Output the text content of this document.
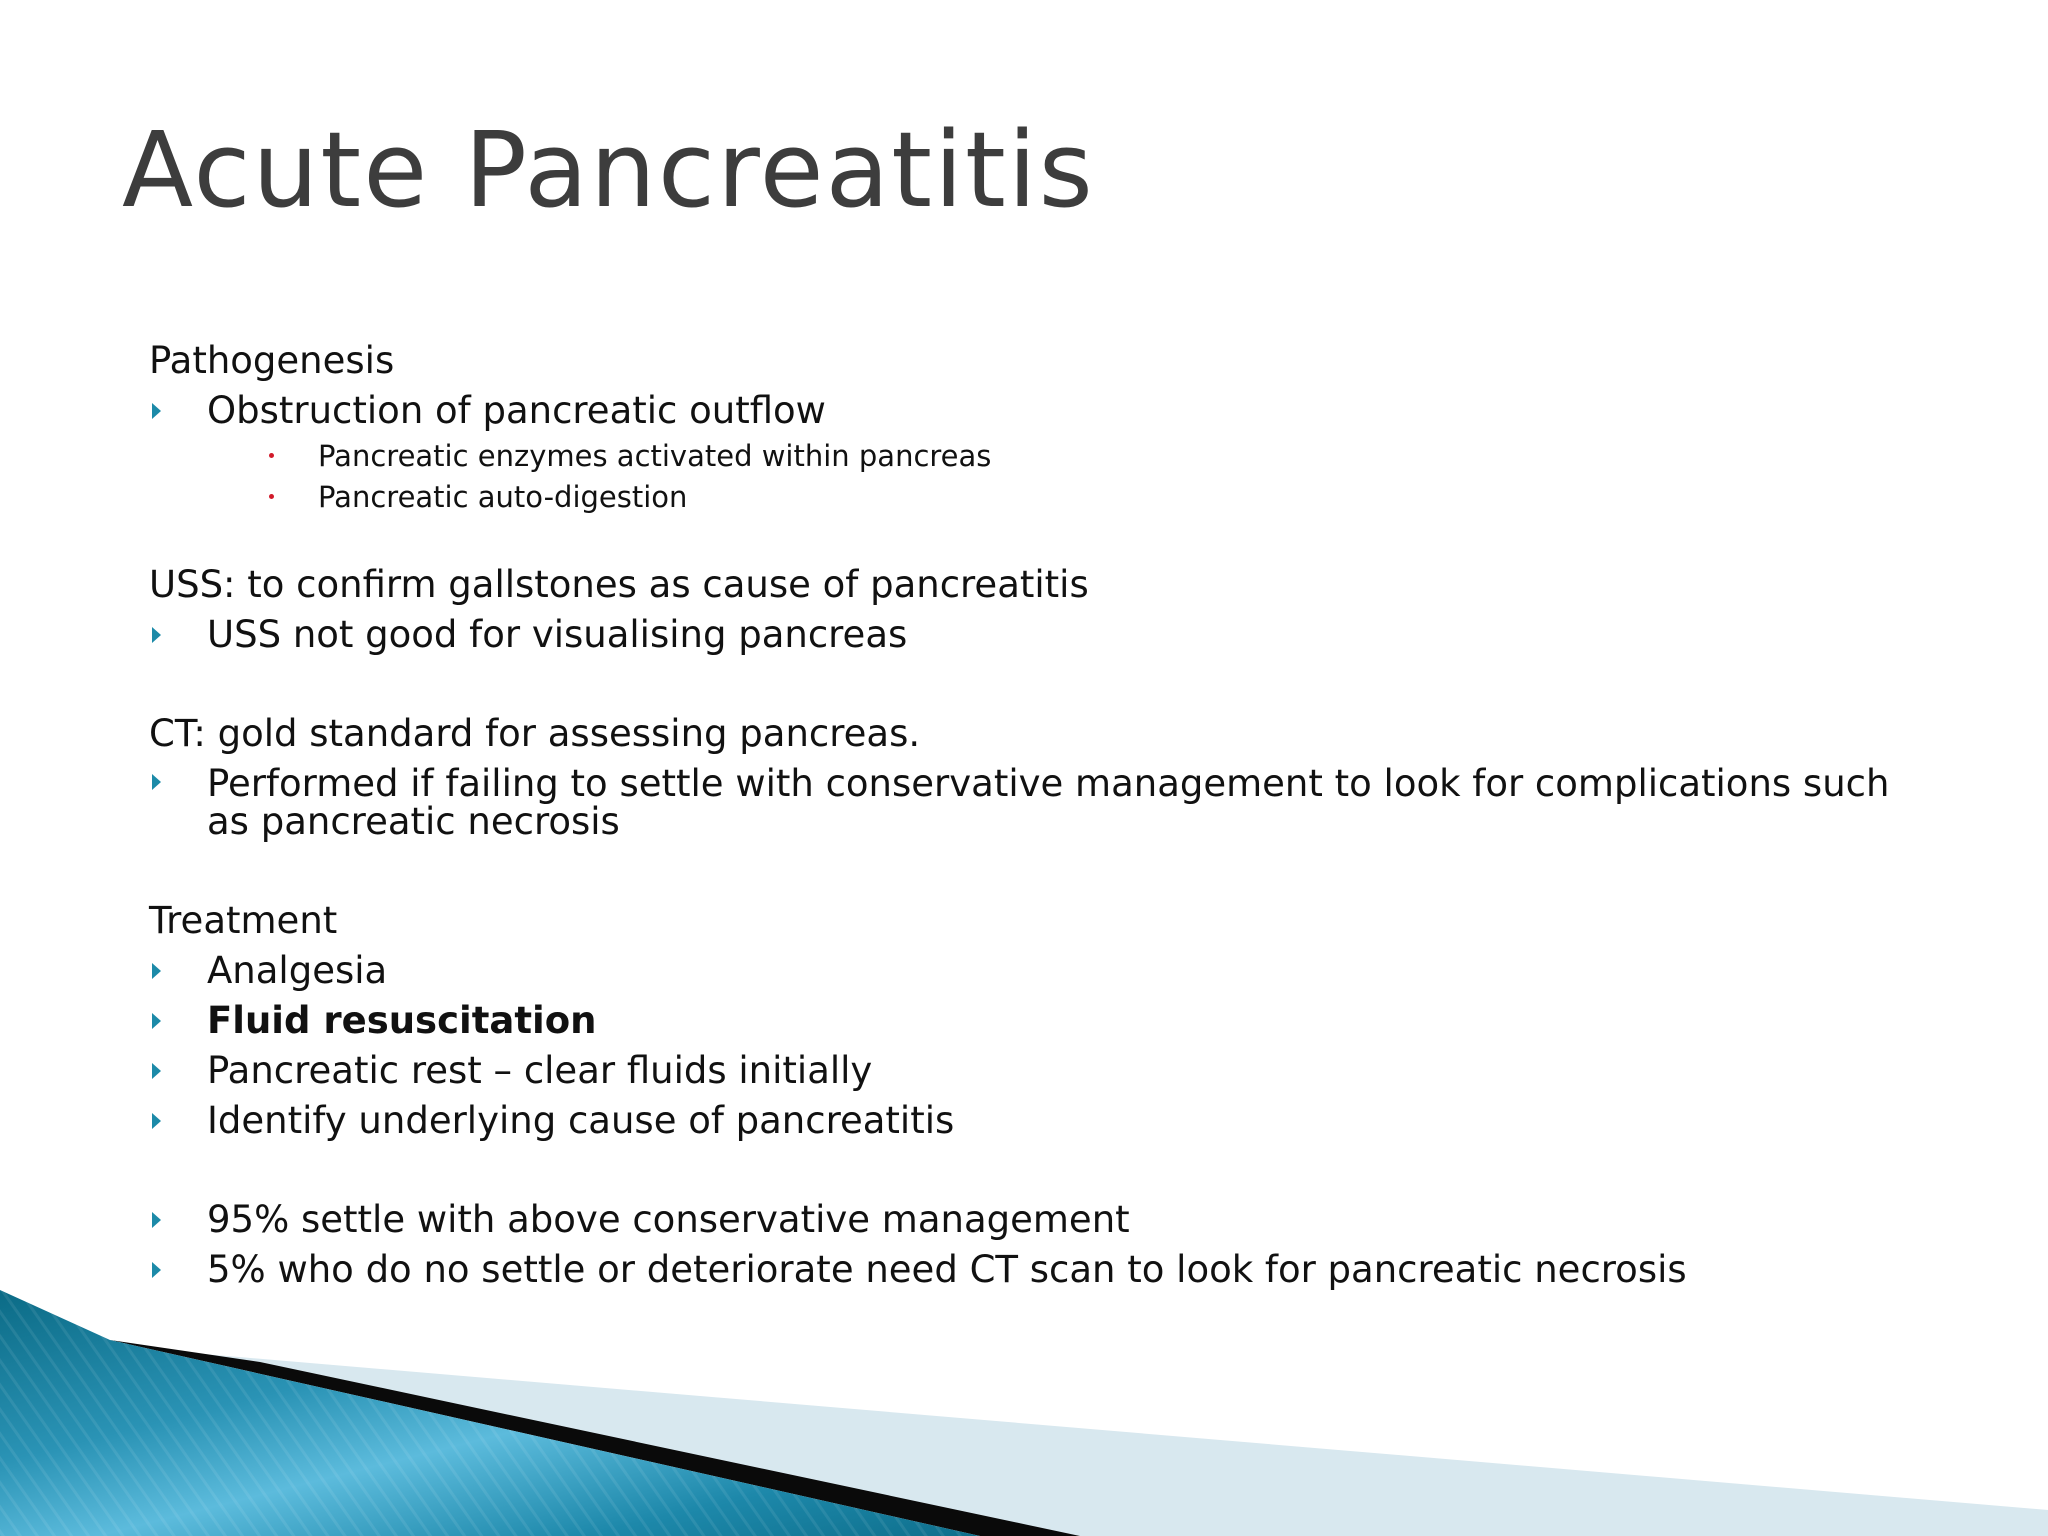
Acute Pancreatitis
Pathogenesis
Obstruction of pancreatic outflow
Pancreatic enzymes activated within pancreas
Pancreatic auto-digestion
USS: to confirm gallstones as cause of pancreatitis
USS not good for visualising pancreas
CT: gold standard for assessing pancreas.
Performed if failing to settle with conservative management to look for complications such as pancreatic necrosis
Treatment
Analgesia
Fluid resuscitation
Pancreatic rest – clear fluids initially
Identify underlying cause of pancreatitis
95% settle with above conservative management
5% who do no settle or deteriorate need CT scan to look for pancreatic necrosis
